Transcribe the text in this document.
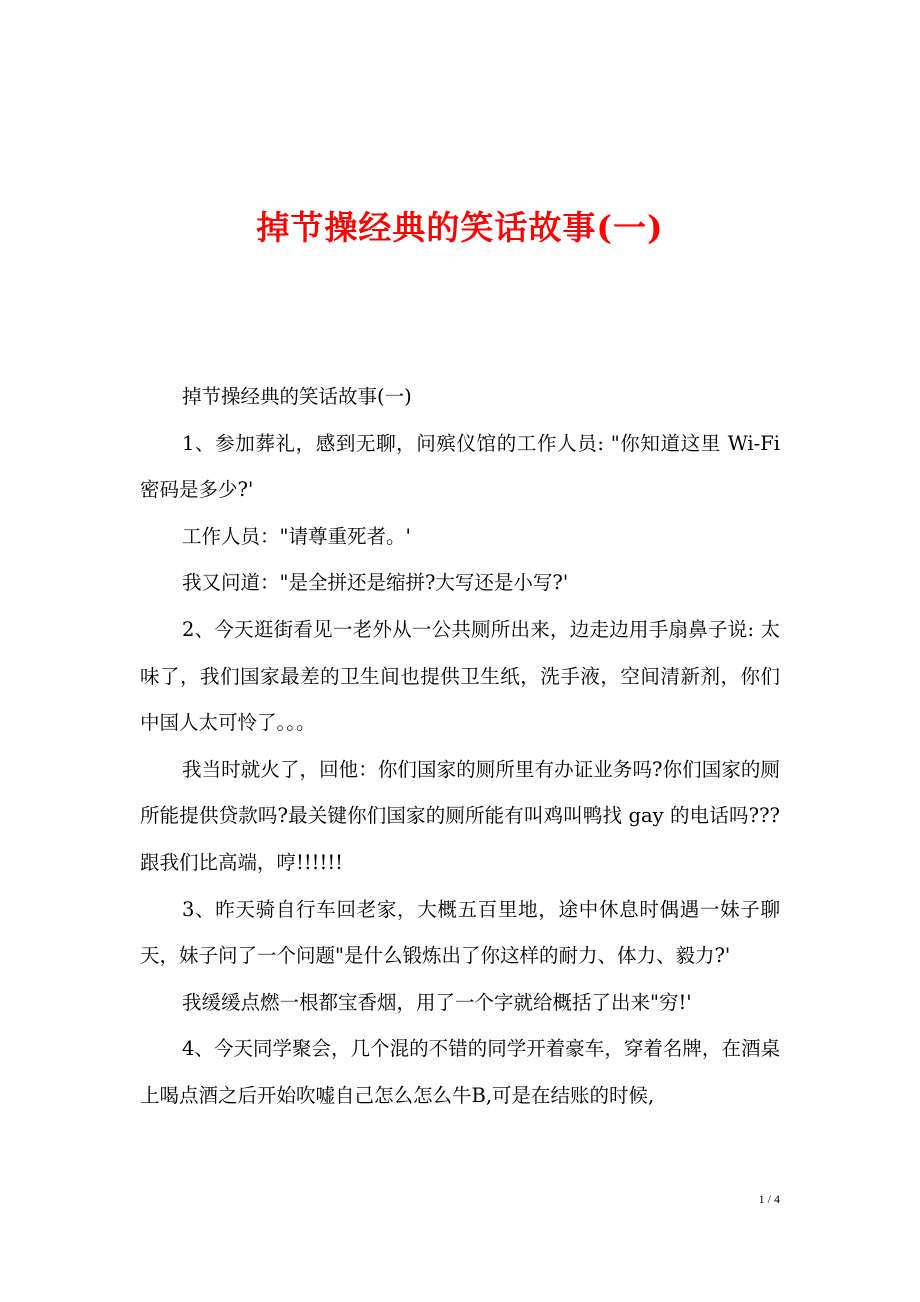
掉节操经典的笑话故事(一)

掉节操经典的笑话故事(一)

1、参加葬礼，感到无聊，问殡仪馆的工作人员: "你知道这里 Wi-Fi 密码是多少?'

工作人员："请尊重死者。'

我又问道："是全拼还是缩拼?大写还是小写?'

2、今天逛街看见一老外从一公共厕所出来，边走边用手扇鼻子说: 太味了，我们国家最差的卫生间也提供卫生纸，洗手液，空间清新剂，你们中国人太可怜了。。。

我当时就火了，回他：你们国家的厕所里有办证业务吗?你们国家的厕所能提供贷款吗?最关键你们国家的厕所能有叫鸡叫鸭找 gay 的电话吗???跟我们比高端，哼!!!!!!

3、昨天骑自行车回老家，大概五百里地，途中休息时偶遇一妹子聊天，妹子问了一个问题"是什么锻炼出了你这样的耐力、体力、毅力?'

我缓缓点燃一根都宝香烟，用了一个字就给概括了出来"穷!'

4、今天同学聚会，几个混的不错的同学开着豪车，穿着名牌，在酒桌上喝点酒之后开始吹嘘自己怎么怎么牛B,可是在结账的时候,

1 / 4
